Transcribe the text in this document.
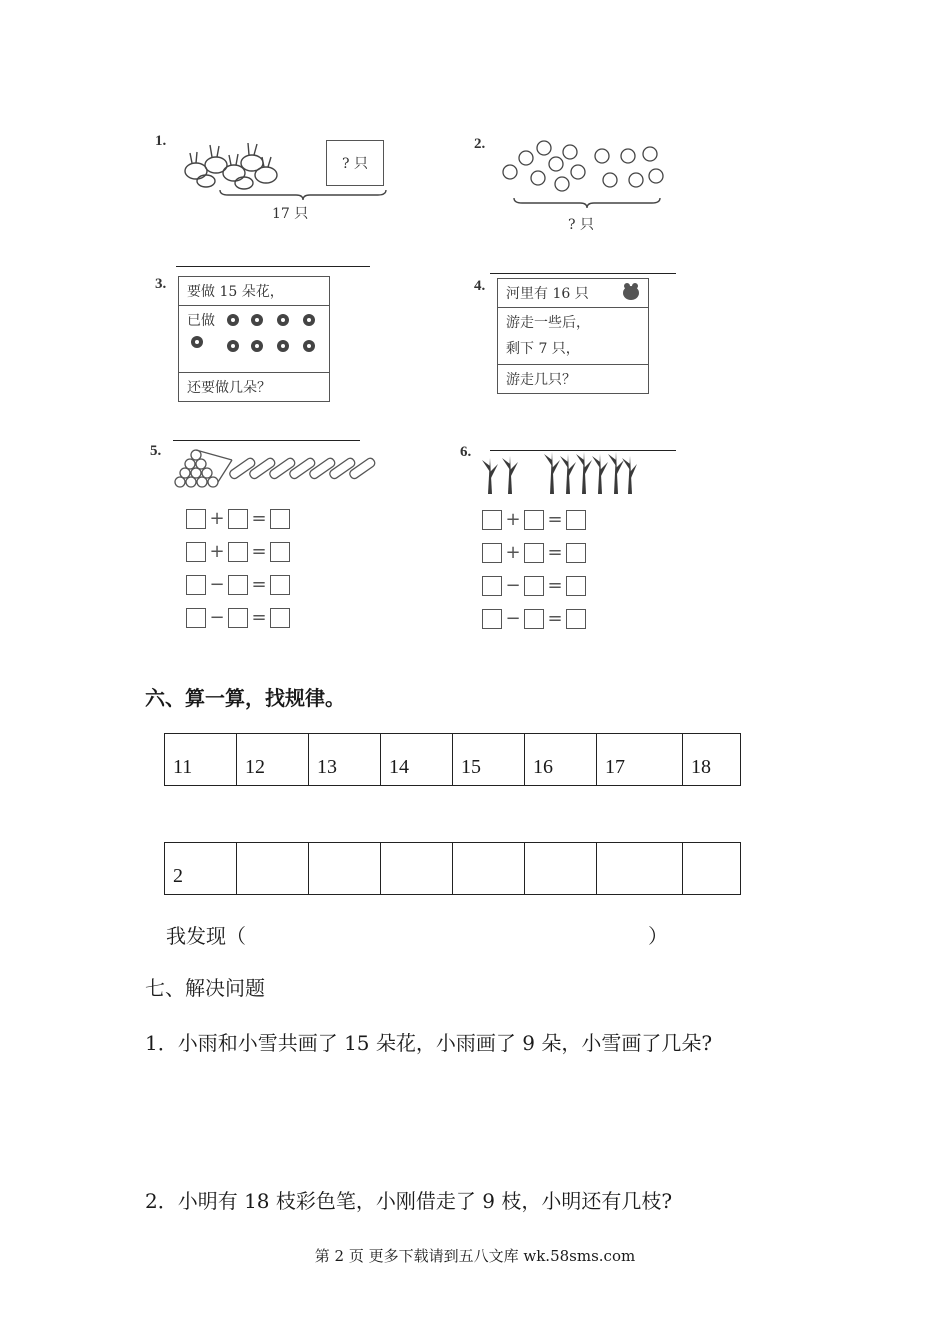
1.
? 只
17 只
2.
? 只
3.	要做 15 朵花，
已做
还要做几朵？
4.	河里有 16 只
游走一些后，
剩下 7 只，
游走几只？
5.
+ =
+ =
− =
− =
6.
+ =
+ =
− =
− =
六、算一算，找规律。
11	12	13	14	15	16	17	18
2							
我发现（	）
七、解决问题
1．小雨和小雪共画了 15 朵花，小雨画了 9 朵，小雪画了几朵?
2．小明有 18 枝彩色笔，小刚借走了 9 枝，小明还有几枝?
第 2 页 更多下载请到五八文库 wk.58sms.com
